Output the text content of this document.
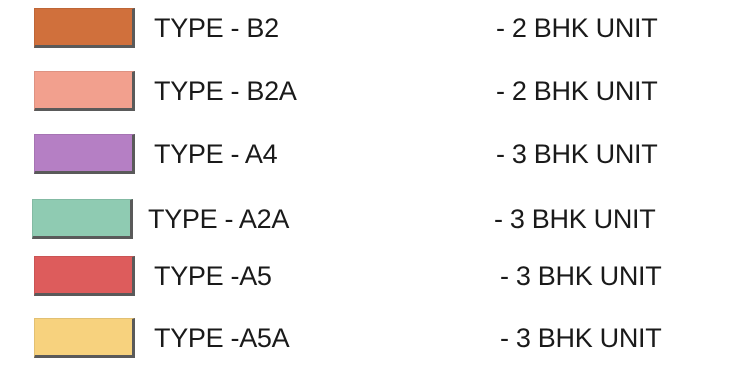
TYPE - B2	- 2 BHK UNIT
TYPE - B2A	- 2 BHK UNIT
TYPE - A4	- 3 BHK UNIT
TYPE - A2A	- 3 BHK UNIT
TYPE -A5	- 3 BHK UNIT
TYPE -A5A	- 3 BHK UNIT
